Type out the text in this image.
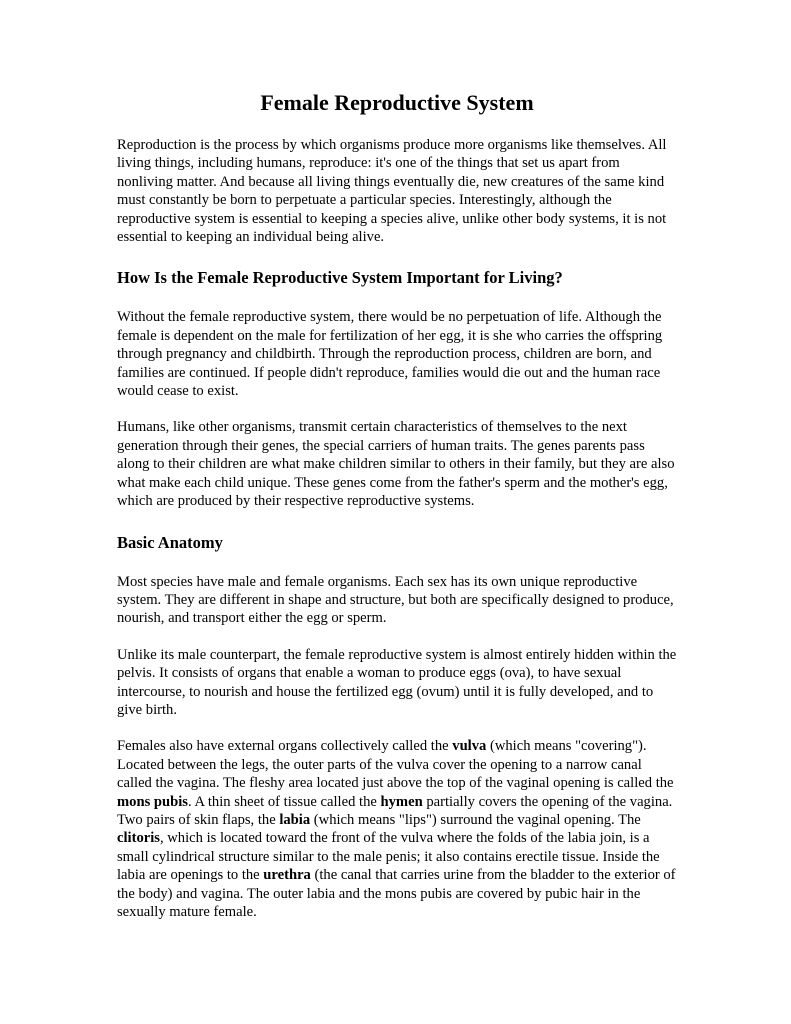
Female Reproductive System

Reproduction is the process by which organisms produce more organisms like themselves. All living things, including humans, reproduce: it's one of the things that set us apart from nonliving matter. And because all living things eventually die, new creatures of the same kind must constantly be born to perpetuate a particular species. Interestingly, although the reproductive system is essential to keeping a species alive, unlike other body systems, it is not essential to keeping an individual being alive.

How Is the Female Reproductive System Important for Living?

Without the female reproductive system, there would be no perpetuation of life. Although the female is dependent on the male for fertilization of her egg, it is she who carries the offspring through pregnancy and childbirth. Through the reproduction process, children are born, and families are continued. If people didn't reproduce, families would die out and the human race would cease to exist.

Humans, like other organisms, transmit certain characteristics of themselves to the next generation through their genes, the special carriers of human traits. The genes parents pass along to their children are what make children similar to others in their family, but they are also what make each child unique. These genes come from the father's sperm and the mother's egg, which are produced by their respective reproductive systems.

Basic Anatomy

Most species have male and female organisms. Each sex has its own unique reproductive system. They are different in shape and structure, but both are specifically designed to produce, nourish, and transport either the egg or sperm.

Unlike its male counterpart, the female reproductive system is almost entirely hidden within the pelvis. It consists of organs that enable a woman to produce eggs (ova), to have sexual intercourse, to nourish and house the fertilized egg (ovum) until it is fully developed, and to give birth.

Females also have external organs collectively called the vulva (which means "covering"). Located between the legs, the outer parts of the vulva cover the opening to a narrow canal called the vagina. The fleshy area located just above the top of the vaginal opening is called the mons pubis. A thin sheet of tissue called the hymen partially covers the opening of the vagina. Two pairs of skin flaps, the labia (which means "lips") surround the vaginal opening. The clitoris, which is located toward the front of the vulva where the folds of the labia join, is a small cylindrical structure similar to the male penis; it also contains erectile tissue. Inside the labia are openings to the urethra (the canal that carries urine from the bladder to the exterior of the body) and vagina. The outer labia and the mons pubis are covered by pubic hair in the sexually mature female.
